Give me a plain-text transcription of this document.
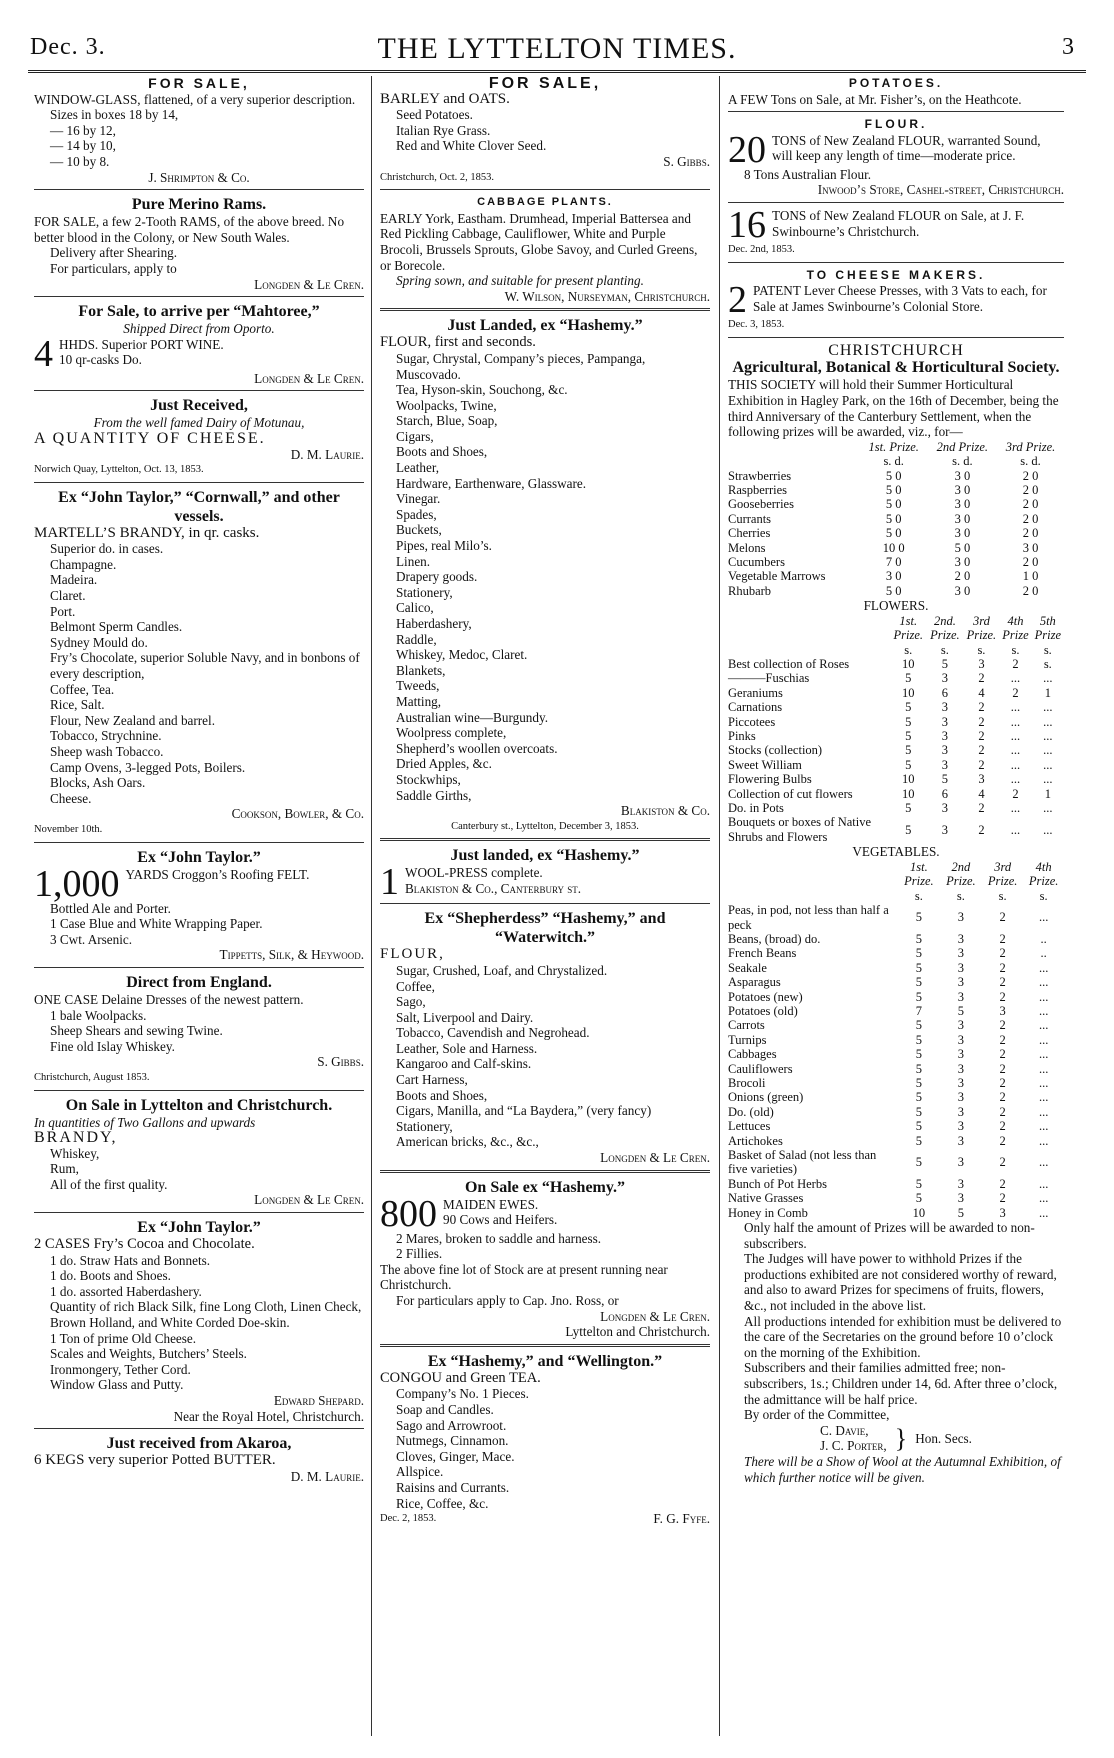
Dec. 3.	THE LYTTELTON TIMES.	3
FOR SALE,

WINDOW-GLASS, flattened, of a very superior description.

Sizes in boxes 18 by 14,

— 16 by 12,

— 14 by 10,

— 10 by 8.

J. Shrimpton & Co.

Pure Merino Rams.

FOR SALE, a few 2-Tooth RAMS, of the above breed. No better blood in the Colony, or New South Wales.

Delivery after Shearing.

For particulars, apply to

Longden & Le Cren.

For Sale, to arrive per “Mahtoree,”

Shipped Direct from Oporto.

4 HHDS. Superior PORT WINE.

10 qr-casks Do.

Longden & Le Cren.

Just Received,

From the well famed Dairy of Motunau,

A QUANTITY OF CHEESE.

D. M. Laurie.

Norwich Quay, Lyttelton, Oct. 13, 1853.

Ex “John Taylor,” “Cornwall,” and other vessels.

MARTELL’S BRANDY, in qr. casks.

Superior do. in cases.

Champagne.

Madeira.

Claret.

Port.

Belmont Sperm Candles.

Sydney Mould do.

Fry’s Chocolate, superior Soluble Navy, and in bonbons of every description,

Coffee, Tea.

Rice, Salt.

Flour, New Zealand and barrel.

Tobacco, Strychnine.

Sheep wash Tobacco.

Camp Ovens, 3-legged Pots, Boilers.

Blocks, Ash Oars.

Cheese.

Cookson, Bowler, & Co.

November 10th.

Ex “John Taylor.”
1,000 YARDS Croggon’s Roofing FELT.

Bottled Ale and Porter.

1 Case Blue and White Wrapping Paper.

3 Cwt. Arsenic.

Tippetts, Silk, & Heywood.

Direct from England.

ONE CASE Delaine Dresses of the newest pattern.

1 bale Woolpacks.

Sheep Shears and sewing Twine.

Fine old Islay Whiskey.

S. Gibbs.

Christchurch, August 1853.

On Sale in Lyttelton and Christchurch.

In quantities of Two Gallons and upwards

BRANDY,

Whiskey,

Rum,

All of the first quality.

Longden & Le Cren.

Ex “John Taylor.”

2 CASES Fry’s Cocoa and Chocolate.

1 do. Straw Hats and Bonnets.

1 do. Boots and Shoes.

1 do. assorted Haberdashery.

Quantity of rich Black Silk, fine Long Cloth, Linen Check, Brown Holland, and White Corded Doe-skin.

1 Ton of prime Old Cheese.

Scales and Weights, Butchers’ Steels.

Ironmongery, Tether Cord.

Window Glass and Putty.

Edward Shepard.

Near the Royal Hotel, Christchurch.

Just received from Akaroa,

6 KEGS very superior Potted BUTTER.

D. M. Laurie.

FOR SALE,

BARLEY and OATS.

Seed Potatoes.

Italian Rye Grass.

Red and White Clover Seed.

S. Gibbs.

Christchurch, Oct. 2, 1853.

CABBAGE PLANTS.

EARLY York, Eastham. Drumhead, Imperial Battersea and Red Pickling Cabbage, Cauliflower, White and Purple Brocoli, Brussels Sprouts, Globe Savoy, and Curled Greens, or Borecole.

Spring sown, and suitable for present planting.

W. Wilson, Nurseyman, Christchurch.

Just Landed, ex “Hashemy.”

FLOUR, first and seconds.

Sugar, Chrystal, Company’s pieces, Pampanga, Muscovado.

Tea, Hyson-skin, Souchong, &c.

Woolpacks, Twine,

Starch, Blue, Soap,

Cigars,

Boots and Shoes,

Leather,

Hardware, Earthenware, Glassware.

Vinegar.

Spades,

Buckets,

Pipes, real Milo’s.

Linen.

Drapery goods.

Stationery,

Calico,

Haberdashery,

Raddle,

Whiskey, Medoc, Claret.

Blankets,

Tweeds,

Matting,

Australian wine—Burgundy.

Woolpress complete,

Shepherd’s woollen overcoats.

Dried Apples, &c.

Stockwhips,

Saddle Girths,

Blakiston & Co.

Canterbury st., Lyttelton, December 3, 1853.

Just landed, ex “Hashemy.”
1 WOOL-PRESS complete.

Blakiston & Co., Canterbury st.

Ex “Shepherdess” “Hashemy,” and “Waterwitch.”

FLOUR,

Sugar, Crushed, Loaf, and Chrystalized.

Coffee,

Sago,

Salt, Liverpool and Dairy.

Tobacco, Cavendish and Negrohead.

Leather, Sole and Harness.

Kangaroo and Calf-skins.

Cart Harness,

Boots and Shoes,

Cigars, Manilla, and “La Baydera,” (very fancy)

Stationery,

American bricks, &c., &c.,

Longden & Le Cren.

On Sale ex “Hashemy.”
800 MAIDEN EWES.

90 Cows and Heifers.

2 Mares, broken to saddle and harness.

2 Fillies.

The above fine lot of Stock are at present running near Christchurch.

For particulars apply to Cap. Jno. Ross, or

Longden & Le Cren.

Lyttelton and Christchurch.

Ex “Hashemy,” and “Wellington.”

CONGOU and Green TEA.

Company’s No. 1 Pieces.

Soap and Candles.

Sago and Arrowroot.

Nutmegs, Cinnamon.

Cloves, Ginger, Mace.

Allspice.

Raisins and Currants.

Rice, Coffee, &c.

Dec. 2, 1853.	F. G. Fyfe.
POTATOES.

A FEW Tons on Sale, at Mr. Fisher’s, on the Heathcote.

FLOUR.
20 TONS of New Zealand FLOUR, warranted Sound, will keep any length of time—moderate price.

8 Tons Australian Flour.

Inwood’s Store, Cashel-street, Christchurch.

16 TONS of New Zealand FLOUR on Sale, at J. F. Swinbourne’s Christchurch.

Dec. 2nd, 1853.

TO CHEESE MAKERS.
2 PATENT Lever Cheese Presses, with 3 Vats to each, for Sale at James Swinbourne’s Colonial Store.

Dec. 3, 1853.

CHRISTCHURCH
Agricultural, Botanical & Horticultural Society.

THIS SOCIETY will hold their Summer Horticultural Exhibition in Hagley Park, on the 16th of December, being the third Anniversary of the Canterbury Settlement, when the following prizes will be awarded, viz., for—

	1st. Prize.	2nd Prize.	3rd Prize.
	s. d.	s. d.	s. d.
Strawberries	5 0	3 0	2 0
Raspberries	5 0	3 0	2 0
Gooseberries	5 0	3 0	2 0
Currants	5 0	3 0	2 0
Cherries	5 0	3 0	2 0
Melons	10 0	5 0	3 0
Cucumbers	7 0	3 0	2 0
Vegetable Marrows	3 0	2 0	1 0
Rhubarb	5 0	3 0	2 0
FLOWERS.
	1st. Prize.	2nd. Prize.	3rd Prize.	4th Prize	5th Prize
	s.	s.	s.	s.	s.
Best collection of Roses	10	5	3	2	s.
———Fuschias	5	3	2	...	...
Geraniums	10	6	4	2	1
Carnations	5	3	2	...	...
Piccotees	5	3	2	...	...
Pinks	5	3	2	...	...
Stocks (collection)	5	3	2	...	...
Sweet William	5	3	2	...	...
Flowering Bulbs	10	5	3	...	...
Collection of cut flowers	10	6	4	2	1
Do. in Pots	5	3	2	...	...
Bouquets or boxes of Native Shrubs and Flowers	5	3	2	...	...
VEGETABLES.
	1st. Prize.	2nd Prize.	3rd Prize.	4th Prize.
	s.	s.	s.	s.
Peas, in pod, not less than half a peck	5	3	2	...
Beans, (broad) do.	5	3	2	..
French Beans	5	3	2	..
Seakale	5	3	2	...
Asparagus	5	3	2	...
Potatoes (new)	5	3	2	...
Potatoes (old)	7	5	3	...
Carrots	5	3	2	...
Turnips	5	3	2	...
Cabbages	5	3	2	...
Cauliflowers	5	3	2	...
Brocoli	5	3	2	...
Onions (green)	5	3	2	...
Do. (old)	5	3	2	...
Lettuces	5	3	2	...
Artichokes	5	3	2	...
Basket of Salad (not less than five varieties)	5	3	2	...
Bunch of Pot Herbs	5	3	2	...
Native Grasses	5	3	2	...
Honey in Comb	10	5	3	...

Only half the amount of Prizes will be awarded to non-subscribers.

The Judges will have power to withhold Prizes if the productions exhibited are not considered worthy of reward, and also to award Prizes for specimens of fruits, flowers, &c., not included in the above list.

All productions intended for exhibition must be delivered to the care of the Secretaries on the ground before 10 o’clock on the morning of the Exhibition.

Subscribers and their families admitted free; non-subscribers, 1s.; Children under 14, 6d. After three o’clock, the admittance will be half price.

By order of the Committee,

C. Davie,

J. C. Porter, } Hon. Secs.

There will be a Show of Wool at the Autumnal Exhibition, of which further notice will be given.
